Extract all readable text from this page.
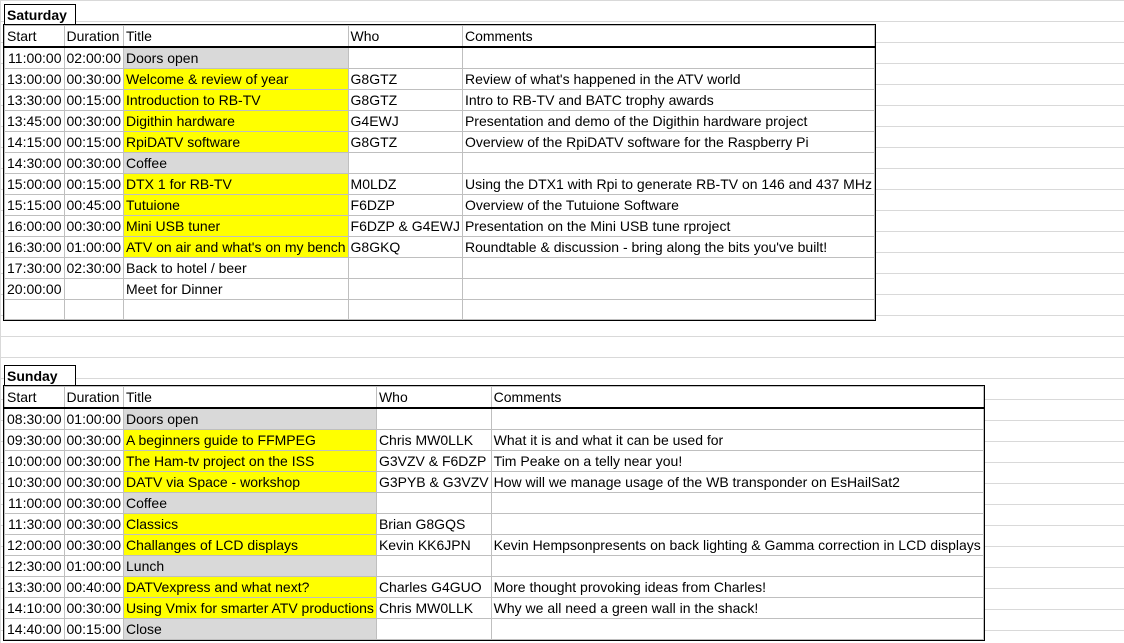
Saturday
Start	Duration	Title	Who	Comments
11:00:00	02:00:00	Doors open		
13:00:00	00:30:00	Welcome & review of year	G8GTZ	Review of what's happened in the ATV world
13:30:00	00:15:00	Introduction to RB-TV	G8GTZ	Intro to RB-TV and BATC trophy awards
13:45:00	00:30:00	Digithin hardware	G4EWJ	Presentation and demo of the Digithin hardware project
14:15:00	00:15:00	RpiDATV software	G8GTZ	Overview of the RpiDATV software for the Raspberry Pi
14:30:00	00:30:00	Coffee		
15:00:00	00:15:00	DTX 1 for RB-TV	M0LDZ	Using the DTX1 with Rpi to generate RB-TV on 146 and 437 MHz
15:15:00	00:45:00	Tutuione	F6DZP	Overview of the Tutuione Software
16:00:00	00:30:00	Mini USB tuner	F6DZP & G4EWJ	Presentation on the Mini USB tune rproject
16:30:00	01:00:00	ATV on air and what's on my bench	G8GKQ	Roundtable & discussion - bring along the bits you've built!
17:30:00	02:30:00	Back to hotel / beer		
20:00:00		Meet for Dinner		

Sunday
Start	Duration	Title	Who	Comments
08:30:00	01:00:00	Doors open		
09:30:00	00:30:00	A beginners guide to FFMPEG	Chris MW0LLK	What it is and what it can be used for
10:00:00	00:30:00	The Ham-tv project on the ISS	G3VZV & F6DZP	Tim Peake on a telly near you!
10:30:00	00:30:00	DATV via Space - workshop	G3PYB & G3VZV	How will we manage usage of the WB transponder on EsHailSat2
11:00:00	00:30:00	Coffee		
11:30:00	00:30:00	Classics	Brian G8GQS	
12:00:00	00:30:00	Challanges of LCD displays	Kevin KK6JPN	Kevin Hempsonpresents on back lighting & Gamma correction in LCD displays
12:30:00	01:00:00	Lunch		
13:30:00	00:40:00	DATVexpress and what next?	Charles G4GUO	More thought provoking ideas from Charles!
14:10:00	00:30:00	Using Vmix for smarter ATV productions	Chris MW0LLK	Why we all need a green wall in the shack!
14:40:00	00:15:00	Close		
